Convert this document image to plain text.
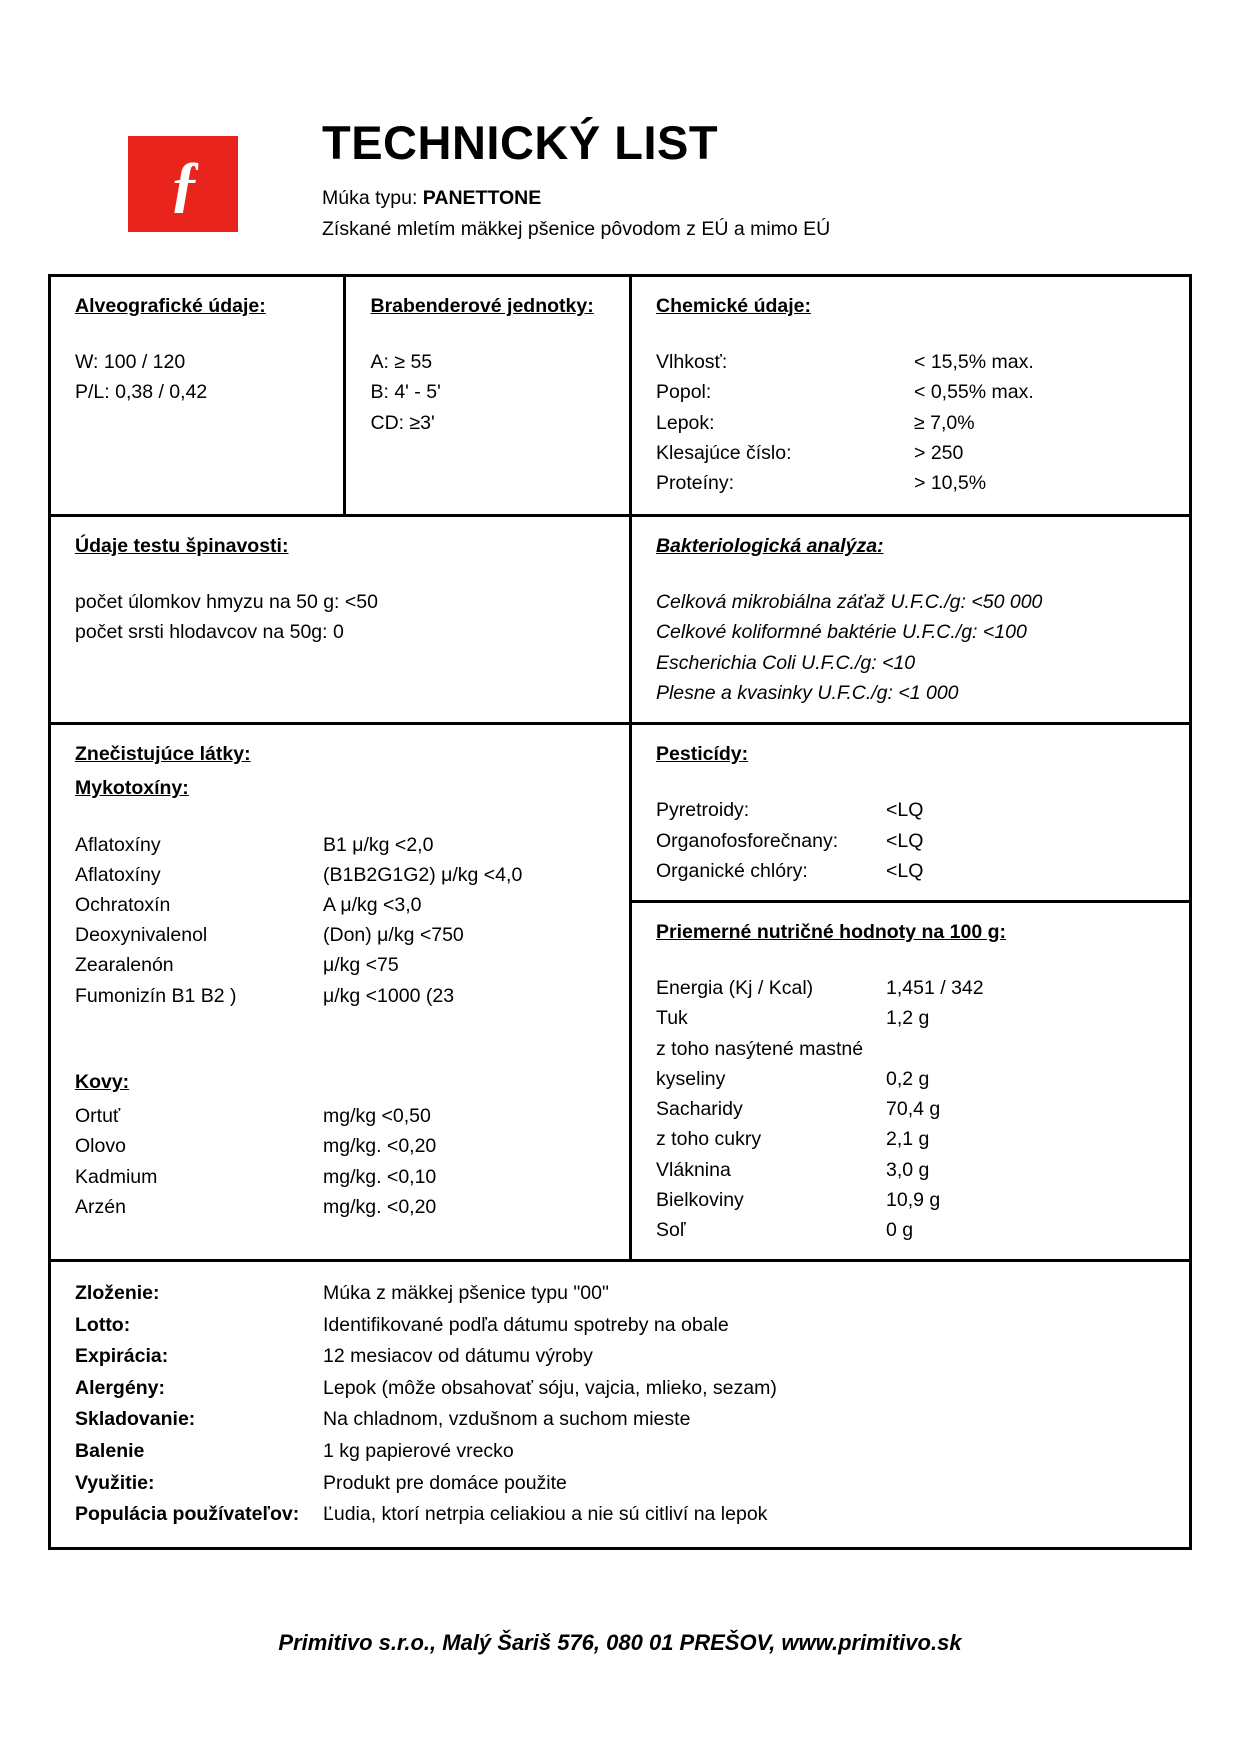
ƒ
TECHNICKÝ LIST
Múka typu: PANETTONE
Získané mletím mäkkej pšenice pôvodom z EÚ a mimo EÚ
Alveografické údaje:
W: 100 / 120
P/L: 0,38 / 0,42
Brabenderové jednotky:
A: ≥ 55
B: 4' - 5'
CD: ≥3'
Chemické údaje:
Vlhkosť:	< 15,5% max.
Popol:	< 0,55% max.
Lepok:	≥ 7,0%
Klesajúce číslo:	> 250
Proteíny:	> 10,5%
Údaje testu špinavosti:
počet úlomkov hmyzu na 50 g: <50
počet srsti hlodavcov na 50g: 0
Bakteriologická analýza:
Celková mikrobiálna záťaž U.F.C./g: <50 000
Celkové koliformné baktérie U.F.C./g: <100
Escherichia Coli U.F.C./g: <10
Plesne a kvasinky U.F.C./g: <1 000
Znečistujúce látky:
Mykotoxíny:
Aflatoxíny	B1 μ/kg <2,0
Aflatoxíny	(B1B2G1G2) μ/kg <4,0
Ochratoxín	A μ/kg <3,0
Deoxynivalenol	(Don) μ/kg <750
Zearalenón	μ/kg <75
Fumonizín B1 B2 )	μ/kg <1000 (23
Kovy:
Ortuť	mg/kg <0,50
Olovo	mg/kg. <0,20
Kadmium	mg/kg. <0,10
Arzén	mg/kg. <0,20
Pesticídy:
Pyretroidy:	<LQ
Organofosforečnany:	<LQ
Organické chlóry:	<LQ
Priemerné nutričné hodnoty na 100 g:
Energia (Kj / Kcal)	1,451 / 342
Tuk	1,2 g
z toho nasýtené mastné
kyseliny	0,2 g
Sacharidy	70,4 g
z toho cukry	2,1 g
Vláknina	3,0 g
Bielkoviny	10,9 g
Soľ	0 g
Zloženie:	Múka z mäkkej pšenice typu "00"
Lotto:	Identifikované podľa dátumu spotreby na obale
Expirácia:	12 mesiacov od dátumu výroby
Alergény:	Lepok (môže obsahovať sóju, vajcia, mlieko, sezam)
Skladovanie:	Na chladnom, vzdušnom a suchom mieste
Balenie	1 kg papierové vrecko
Využitie:	Produkt pre domáce použite
Populácia používateľov:	Ľudia, ktorí netrpia celiakiou a nie sú citliví na lepok
Primitivo s.r.o., Malý Šariš 576, 080 01 PREŠOV, www.primitivo.sk
